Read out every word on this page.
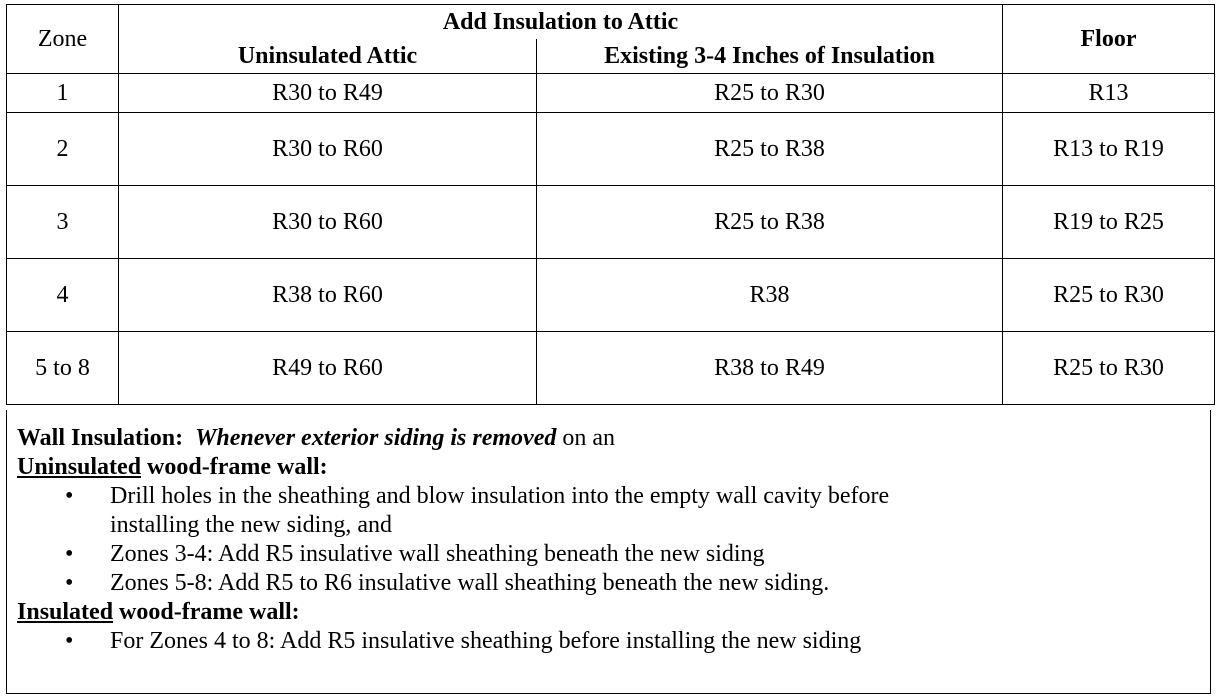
Zone	Add Insulation to Attic		Floor
	Uninsulated Attic	Existing 3-4 Inches of Insulation	
1	R30 to R49	R25 to R30	R13
2	R30 to R60	R25 to R38	R13 to R19
3	R30 to R60	R25 to R38	R19 to R25
4	R38 to R60	R38	R25 to R30
5 to 8	R49 to R60	R38 to R49	R25 to R30
Wall Insulation: Whenever exterior siding is removed on an
Uninsulated wood-frame wall:
• Drill holes in the sheathing and blow insulation into the empty wall cavity before
installing the new siding, and
• Zones 3-4: Add R5 insulative wall sheathing beneath the new siding
• Zones 5-8: Add R5 to R6 insulative wall sheathing beneath the new siding.
Insulated wood-frame wall:
• For Zones 4 to 8: Add R5 insulative sheathing before installing the new siding
